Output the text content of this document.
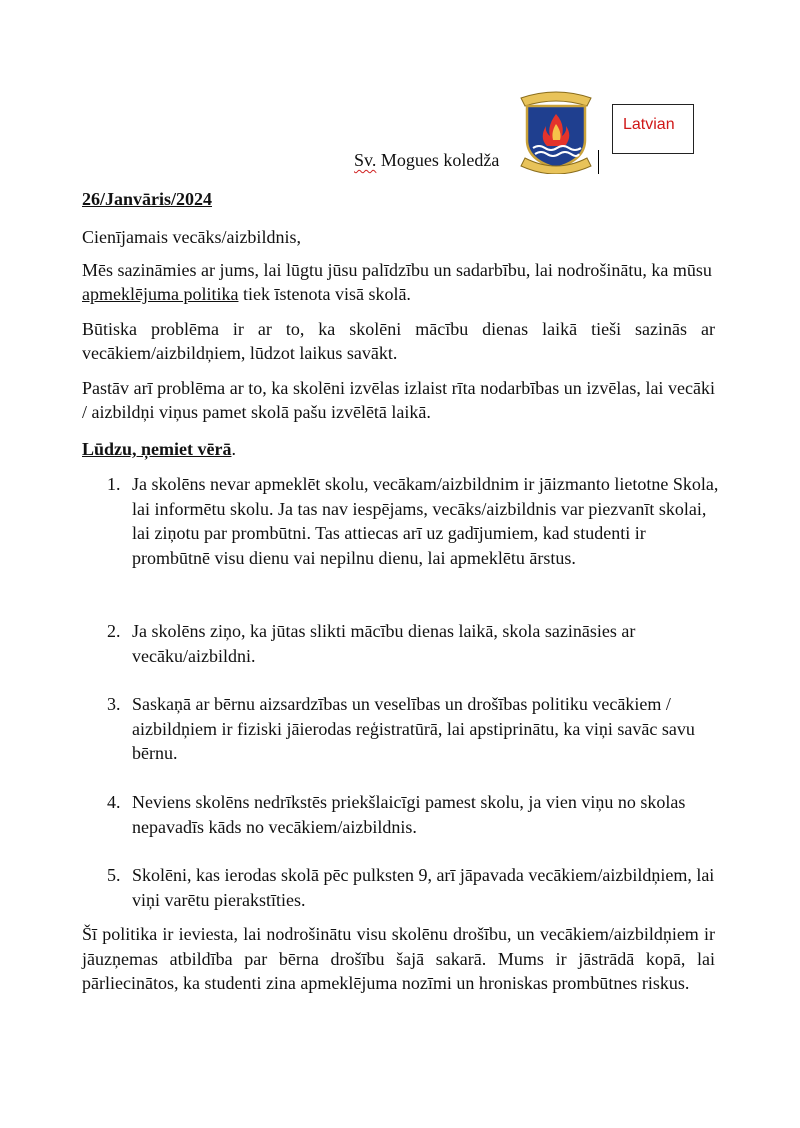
Sv. Mogues koledža
Latvian
26/Janvāris/2024
Cienījamais vecāks/aizbildnis,
Mēs sazināmies ar jums, lai lūgtu jūsu palīdzību un sadarbību, lai nodrošinātu, ka mūsu apmeklējuma politika tiek īstenota visā skolā.
Būtiska problēma ir ar to, ka skolēni mācību dienas laikā tieši sazinās ar vecākiem/aizbildņiem, lūdzot laikus savākt.
Pastāv arī problēma ar to, ka skolēni izvēlas izlaist rīta nodarbības un izvēlas, lai vecāki / aizbildņi viņus pamet skolā pašu izvēlētā laikā.
Lūdzu, ņemiet vērā.
1. Ja skolēns nevar apmeklēt skolu, vecākam/aizbildnim ir jāizmanto lietotne Skola, lai informētu skolu. Ja tas nav iespējams, vecāks/aizbildnis var piezvanīt skolai, lai ziņotu par prombūtni. Tas attiecas arī uz gadījumiem, kad studenti ir prombūtnē visu dienu vai nepilnu dienu, lai apmeklētu ārstus.
2. Ja skolēns ziņo, ka jūtas slikti mācību dienas laikā, skola sazināsies ar vecāku/aizbildni.
3. Saskaņā ar bērnu aizsardzības un veselības un drošības politiku vecākiem / aizbildņiem ir fiziski jāierodas reģistratūrā, lai apstiprinātu, ka viņi savāc savu bērnu.
4. Neviens skolēns nedrīkstēs priekšlaicīgi pamest skolu, ja vien viņu no skolas nepavadīs kāds no vecākiem/aizbildnis.
5. Skolēni, kas ierodas skolā pēc pulksten 9, arī jāpavada vecākiem/aizbildņiem, lai viņi varētu pierakstīties.
Šī politika ir ieviesta, lai nodrošinātu visu skolēnu drošību, un vecākiem/aizbildņiem ir jāuzņemas atbildība par bērna drošību šajā sakarā. Mums ir jāstrādā kopā, lai pārliecinātos, ka studenti zina apmeklējuma nozīmi un hroniskas prombūtnes riskus.
